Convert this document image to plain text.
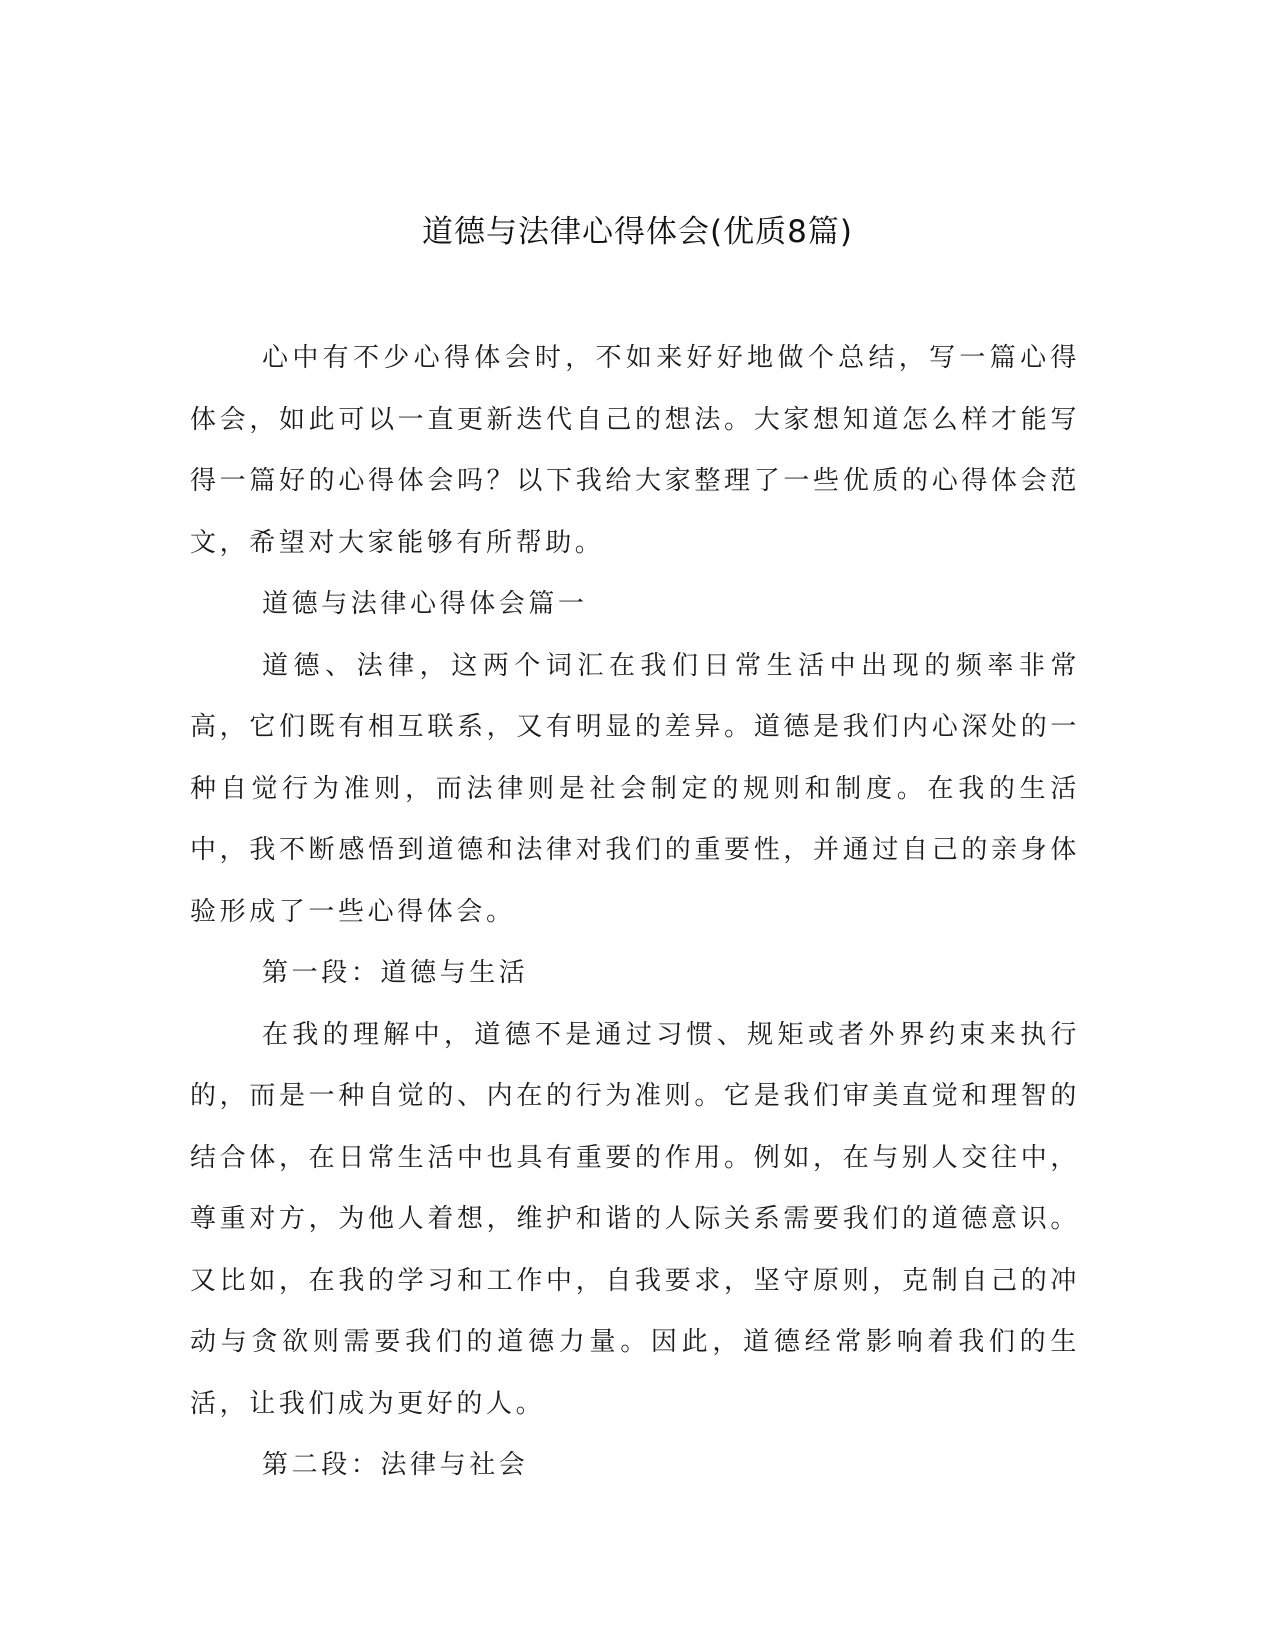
道德与法律心得体会(优质8篇)

心中有不少心得体会时，不如来好好地做个总结，写一篇心得体会，如此可以一直更新迭代自己的想法。大家想知道怎么样才能写得一篇好的心得体会吗？以下我给大家整理了一些优质的心得体会范文，希望对大家能够有所帮助。

道德与法律心得体会篇一

道德、法律，这两个词汇在我们日常生活中出现的频率非常高，它们既有相互联系，又有明显的差异。道德是我们内心深处的一种自觉行为准则，而法律则是社会制定的规则和制度。在我的生活中，我不断感悟到道德和法律对我们的重要性，并通过自己的亲身体验形成了一些心得体会。

第一段：道德与生活

在我的理解中，道德不是通过习惯、规矩或者外界约束来执行的，而是一种自觉的、内在的行为准则。它是我们审美直觉和理智的结合体，在日常生活中也具有重要的作用。例如，在与别人交往中，尊重对方，为他人着想，维护和谐的人际关系需要我们的道德意识。又比如，在我的学习和工作中，自我要求，坚守原则，克制自己的冲动与贪欲则需要我们的道德力量。因此，道德经常影响着我们的生活，让我们成为更好的人。

第二段：法律与社会
